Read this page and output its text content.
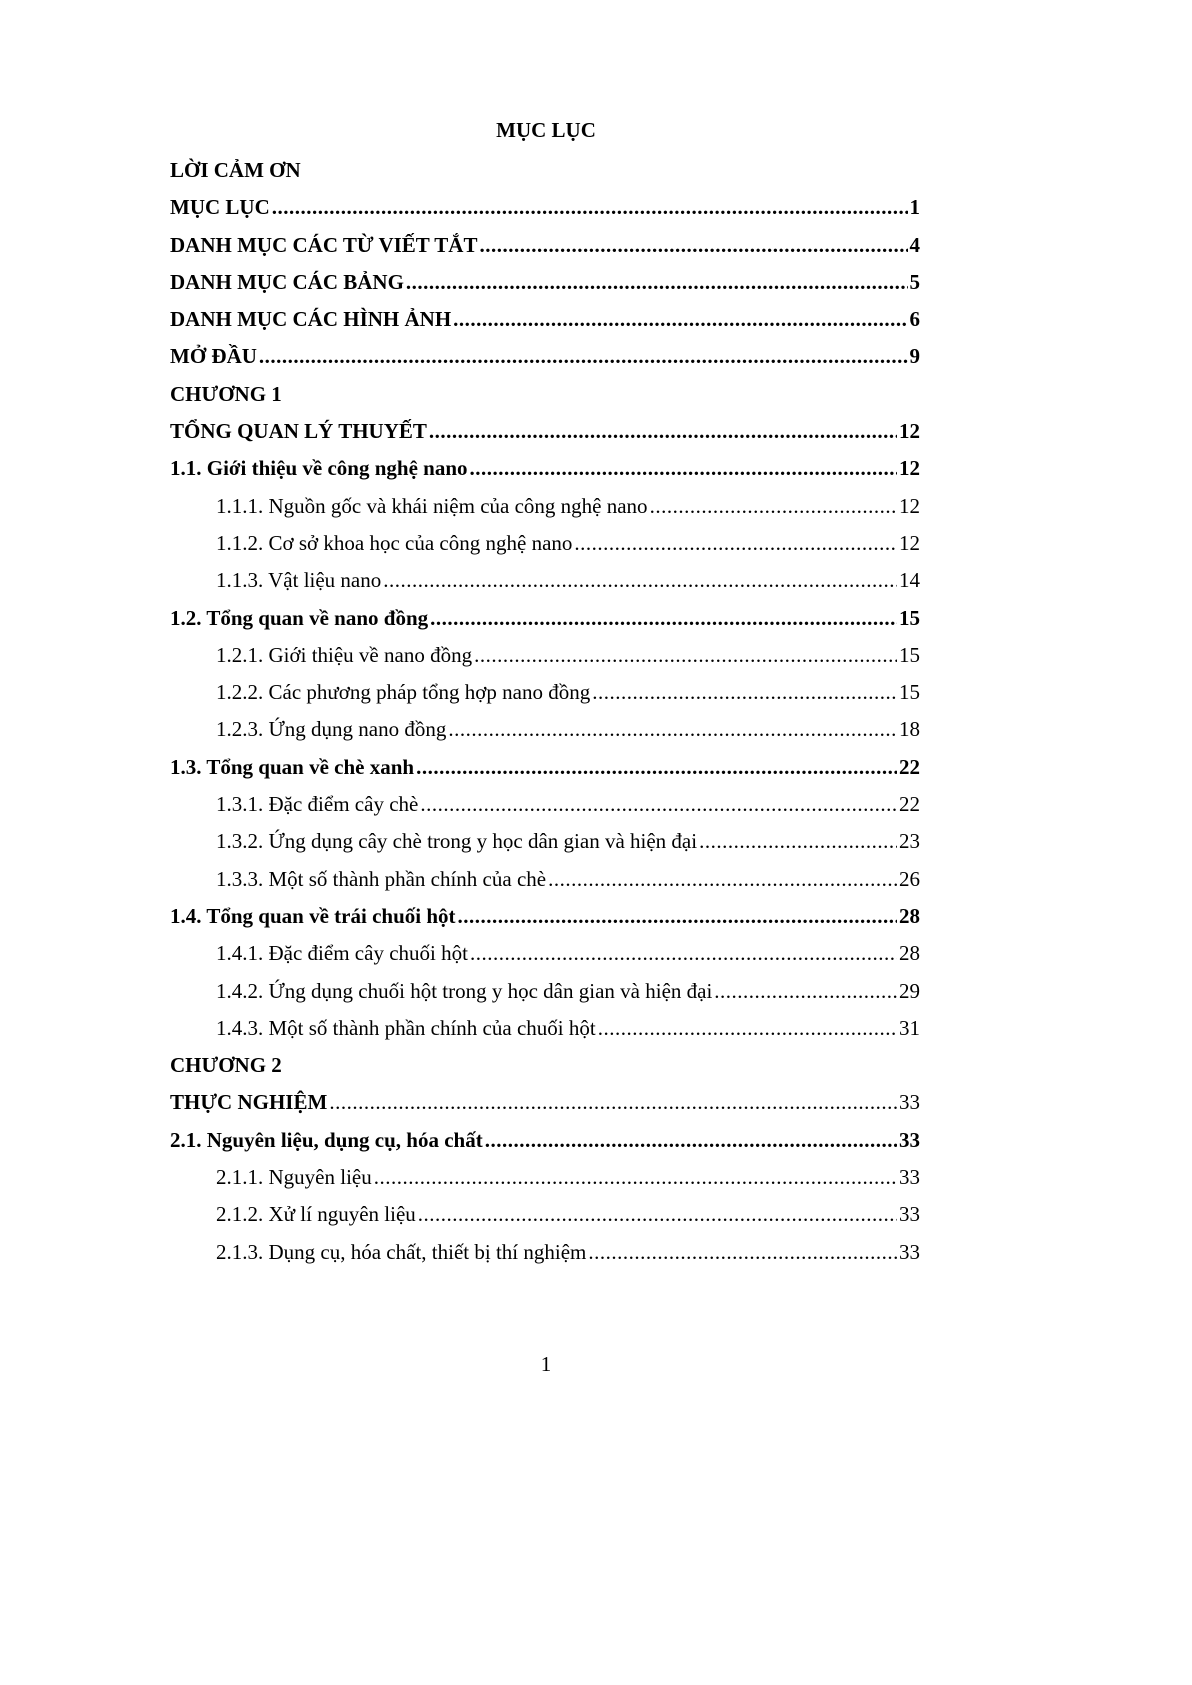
MỤC LỤC
LỜI CẢM ƠN
MỤC LỤC .....	1
DANH MỤC CÁC TỪ VIẾT TẮT .....	4
DANH MỤC CÁC BẢNG .....	5
DANH MỤC CÁC HÌNH ẢNH .....	6
MỞ ĐẦU .....	9
CHƯƠNG 1
TỔNG QUAN LÝ THUYẾT .....	12
1.1. Giới thiệu về công nghệ nano .....	12
1.1.1. Nguồn gốc và khái niệm của công nghệ nano .....	12
1.1.2. Cơ sở khoa học của công nghệ nano .....	12
1.1.3. Vật liệu nano .....	14
1.2. Tổng quan về nano đồng .....	15
1.2.1. Giới thiệu về nano đồng .....	15
1.2.2. Các phương pháp tổng hợp nano đồng .....	15
1.2.3. Ứng dụng nano đồng .....	18
1.3. Tổng quan về chè xanh .....	22
1.3.1. Đặc điểm cây chè .....	22
1.3.2. Ứng dụng cây chè trong y học dân gian và hiện đại .....	23
1.3.3. Một số thành phần chính của chè .....	26
1.4. Tổng quan về trái chuối hột .....	28
1.4.1. Đặc điểm cây chuối hột .....	28
1.4.2. Ứng dụng chuối hột trong y học dân gian và hiện đại .....	29
1.4.3. Một số thành phần chính của chuối hột .....	31
CHƯƠNG 2
THỰC NGHIỆM .....	33
2.1. Nguyên liệu, dụng cụ, hóa chất .....	33
2.1.1. Nguyên liệu .....	33
2.1.2. Xử lí nguyên liệu .....	33
2.1.3. Dụng cụ, hóa chất, thiết bị thí nghiệm .....	33
1
